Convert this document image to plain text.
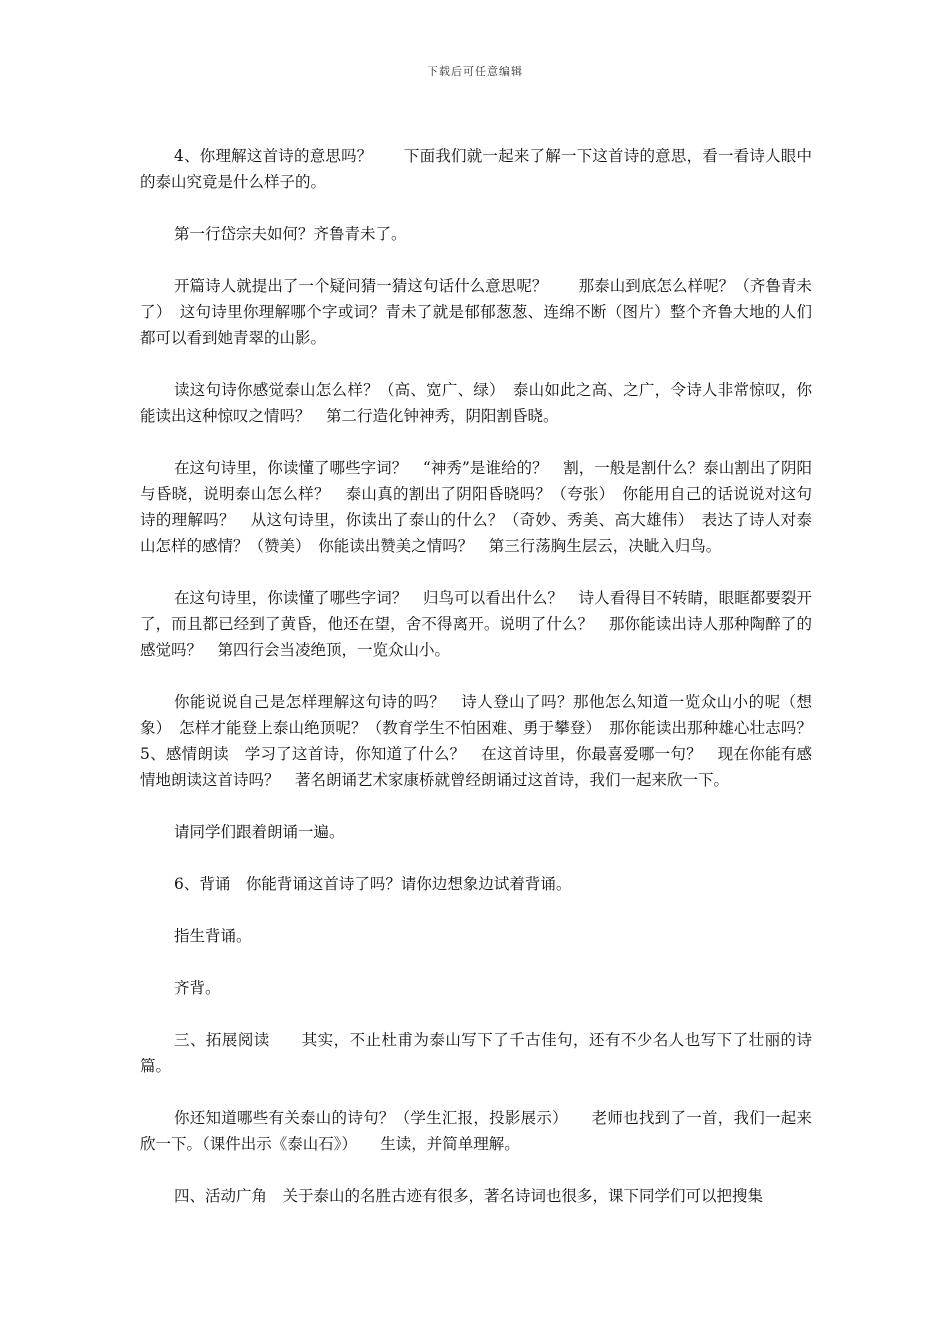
下载后可任意编辑

4、你理解这首诗的意思吗？　　下面我们就一起来了解一下这首诗的意思，看一看诗人眼中的泰山究竟是什么样子的。

第一行岱宗夫如何？齐鲁青未了。

开篇诗人就提出了一个疑问猜一猜这句话什么意思呢？　　那泰山到底怎么样呢？（齐鲁青未了）　这句诗里你理解哪个字或词？青未了就是郁郁葱葱、连绵不断（图片）整个齐鲁大地的人们都可以看到她青翠的山影。

读这句诗你感觉泰山怎么样？（高、宽广、绿）　泰山如此之高、之广，令诗人非常惊叹，你能读出这种惊叹之情吗？　第二行造化钟神秀，阴阳割昏晓。

在这句诗里，你读懂了哪些字词？　“神秀”是谁给的？　割，一般是割什么？泰山割出了阴阳与昏晓，说明泰山怎么样？　泰山真的割出了阴阳昏晓吗？（夸张）　你能用自己的话说说对这句诗的理解吗？　从这句诗里，你读出了泰山的什么？（奇妙、秀美、高大雄伟）　表达了诗人对泰山怎样的感情？（赞美）　你能读出赞美之情吗？　第三行荡胸生层云，决眦入归鸟。

在这句诗里，你读懂了哪些字词？　归鸟可以看出什么？　诗人看得目不转睛，眼眶都要裂开了，而且都已经到了黄昏，他还在望，舍不得离开。说明了什么？　那你能读出诗人那种陶醉了的感觉吗？　第四行会当凌绝顶，一览众山小。

你能说说自己是怎样理解这句诗的吗？　诗人登山了吗？那他怎么知道一览众山小的呢（想象）　怎样才能登上泰山绝顶呢？（教育学生不怕困难、勇于攀登）　那你能读出那种雄心壮志吗？　5、感情朗读　学习了这首诗，你知道了什么？　在这首诗里，你最喜爱哪一句？　现在你能有感情地朗读这首诗吗？　著名朗诵艺术家康桥就曾经朗诵过这首诗，我们一起来欣一下。

请同学们跟着朗诵一遍。

6、背诵　你能背诵这首诗了吗？请你边想象边试着背诵。

指生背诵。

齐背。

三、拓展阅读　　其实，不止杜甫为泰山写下了千古佳句，还有不少名人也写下了壮丽的诗篇。

你还知道哪些有关泰山的诗句？（学生汇报，投影展示）　　老师也找到了一首，我们一起来欣一下。（课件出示《泰山石》）　　生读，并简单理解。

四、活动广角　关于泰山的名胜古迹有很多，著名诗词也很多，课下同学们可以把搜集
